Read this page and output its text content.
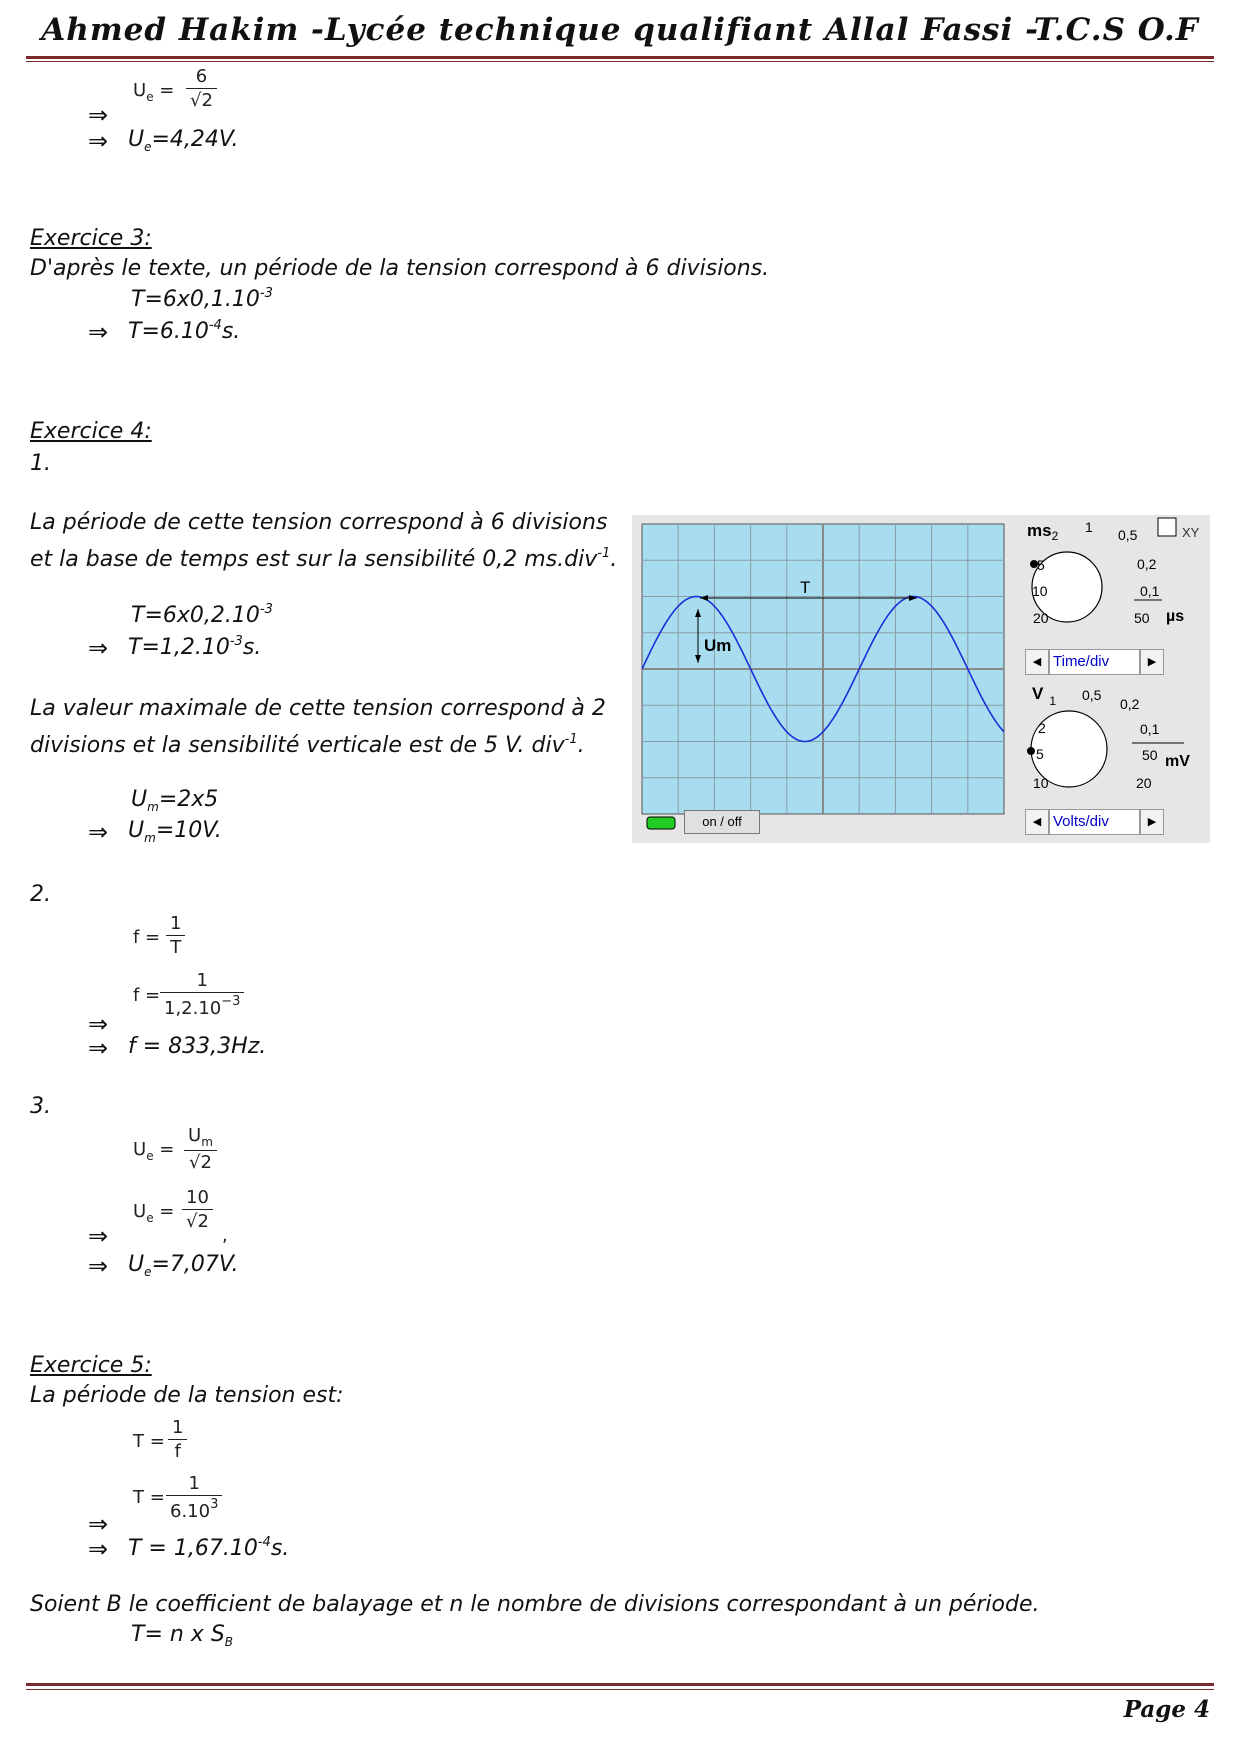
Ahmed Hakim -Lycée technique qualifiant Allal Fassi -T.C.S O.F
$U_e$ =
6
√2
⇒
⇒ $U_e=4,24V$.
Exercice 3:
D'après le texte, un période de la tension correspond à 6 divisions.
$T=6x0,1.10^{-3}$
⇒ $T=6.10^{-4}s$.
Exercice 4:
1.
La période de cette tension correspond à 6 divisions et la base de temps est sur la sensibilité 0,2 ms.div$^{-1}$.
$T=6x0,2.10^{-3}$
⇒ $T=1,2.10^{-3}s$.
La valeur maximale de cette tension correspond à 2 divisions et la sensibilité verticale est de 5 V. div$^{-1}$.
$U_m=2x5$
⇒ $U_m=10V$.
T
Um
$ms_2$
1 0,5
5
10
20
0,2
0,1
50 µs
XY
◀ Time/div	▶
V $_1$ 0,5
0,2
2
5
10
0,1
50 mV
20
◀ Volts/div	▶
on / off
2.
f =
1
T
f =
1
$1,2.10^{-3}$
⇒
⇒ f = 833,3Hz.
3.
$U_e$ =
$U_m$
√2
$U_e$ =
10
√2
,
⇒
⇒ $U_e=7,07V$.
Exercice 5:
La période de la tension est:
T =
1
f
T =
1
6.10$^3$
⇒
⇒ $T = 1,67.10^{-4}s$.
Soient B le coefficient de balayage et n le nombre de divisions correspondant à un période.
T= n x $S_B$
Page 4
